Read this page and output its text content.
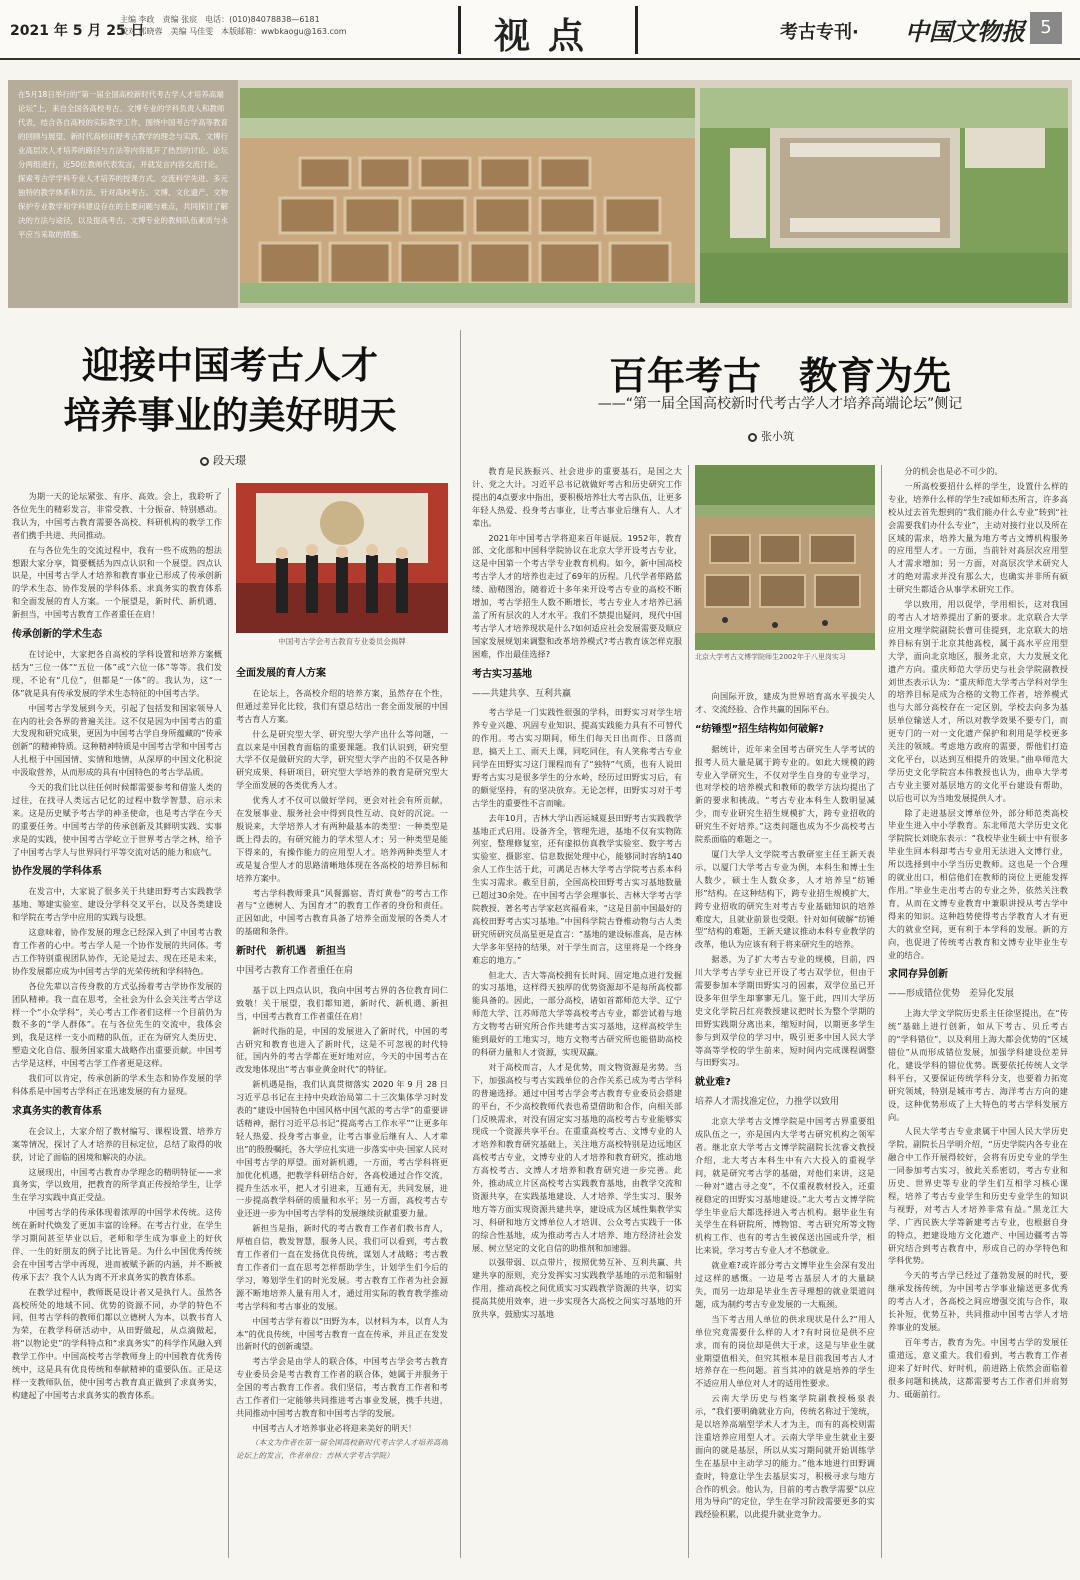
2021 年 5 月 25 日
主编 李政　责编 张宸　电话：(010)84078838—6181
校对 郭晓蓉　美编 马佳雯　本版邮箱：wwbkaogu@163.com	视点	考古专刊· 中国文物报 5
在5月18日举行的“第一届全国高校新时代考古学人才培养高端论坛”上，来自全国各高校考古、文博专业的学科负责人和教师代表，结合各自高校的实际教学工作，围绕中国考古学高等教育的回顾与展望、新时代高校田野考古教学的理念与实践、文博行业高层次人才培养的路径与方法等内容展开了热烈的讨论。论坛分两组进行，近50位教师代表发言，并就发言内容交流讨论。探索考古学学科专业人才培养的授课方式、交流科学先进、多元独特的教学体系和方法、针对高校考古、文博、文化遗产、文物保护专业教学和学科建设存在的主要问题与难点，共同探讨了解决的方法与途径，以及提高考古、文博专业的教师队伍素质与水平应当采取的措施。
迎接中国考古人才
培养事业的美好明天
段天璟
百年考古　教育为先
——“第一届全国高校新时代考古学人才培养高端论坛”侧记
张小筑

为期一天的论坛紧张、有序、高效。会上，我聆听了各位先生的精彩发言，非常受教、十分振奋、特别感动。我认为，中国考古教育需要各高校、科研机构的教学工作者们携手共进、共同推动。

在与各位先生的交流过程中，我有一些不成熟的想法想跟大家分享，简要概括为四点认识和一个展望。四点认识是，中国考古学人才培养和教育事业已形成了传承创新的学术生态、协作发展的学科体系、求真务实的教育体系和全面发展的育人方案。一个展望是，新时代、新机遇、新担当，中国考古教育工作者重任在肩！

传承创新的学术生态

在讨论中，大家把各自高校的学科设置和培养方案概括为“三位一体”“五位一体”或“六位一体”等等。我们发现，不论有“几位”，但都是“一体”的。我认为，这“一体”就是具有传承发展的学术生态特征的中国考古学。

中国考古学发展到今天，引起了包括发和国家领导人在内的社会各界的普遍关注。这不仅是因为中国考古的重大发现和研究成果，更因为中国考古学自身所蕴藏的“传承创新”的精神特质。这种精神特质是中国考古学和中国考古人扎根于中国国情、实情和地情，从深厚的中国文化积淀中汲取营养，从而形成的具有中国特色的考古学品质。

今天的我们比以往任何时候都需要参考和借鉴人类的过往，在找寻人类远古记忆的过程中数学智慧、启示未来。这是历史赋予考古学的神圣使命，也是考古学在今天的重要任务。中国考古学的传承创新及其鲜明实践、实事求是的实践，使中国考古学屹立于世界考古学之林，给予了中国考古学人与世界同行平等交流对话的能力和底气。

协作发展的学科体系

在发言中，大家说了很多关于共建田野考古实践教学基地、筹建实验室、建设分学科交叉平台，以及各类建设和学院在考古学中应用的实践与设想。

这意味着，协作发展的理念已经深入到了中国考古教育工作者的心中。考古学人是一个协作发展的共同体。考古工作特别重视团队协作，无论是过去、现在还是未来，协作发展都应成为中国考古学的光荣传统和学科特色。

各位先辈以言传身教的方式弘扬着考古学协作发展的团队精神。我一直在思考，全社会为什么会关注考古学这样一个“小众学科”，关心考古工作者们这样一个目前仍为数不多的“学人群体”。在与各位先生的交流中，我体会到，我是这样一支小而精的队伍，正在为研究人类历史、塑造文化自信、服务国家重大战略作出重要贡献。中国考古学是这样，中国考古学工作者更是这样。

我们可以肯定，传承创新的学术生态和协作发展的学科体系是中国考古学科正在迅速发展的有力显现。

求真务实的教育体系

在会议上，大家介绍了教材编写、课程设置、培养方案等情况，探讨了人才培养的目标定位，总结了取得的收获，讨论了面临的困境和解决的办法。

这展现出，中国考古教育办学理念的精明特征——求真务实，学以致用，把教育的所学真正传授给学生，让学生在学习实践中真正受益。

中国考古学的传承体现着浓厚的中国学术传统。这传统在新时代焕发了更加丰富的诠释。在考古行业，在学生学习期间甚至毕业以后，老师和学生成为事业上的好伙伴、一生的好朋友的例子比比皆是。为什么中国优秀传统会在中国考古学中再现，进而被赋予新的内涵，并不断被传承下去？我个人认为离不开求真务实的教育体系。

在教学过程中，教师既是设计者又是执行人。虽然各高校所处的地域不同、优势的资源不同，办学的特色不同，但考古学科的教师们都以立德树人为本，以教书育人为荣，在教学科研活动中，从田野做起，从点滴做起，将“以物论史”的学科特点和“求真务实”的科学作风融入到教学工作中。中国高校考古学教师身上的中国教育优秀传统中，这是具有优良传统和奉献精神的重要队伍。正是这样一支教师队伍，使中国考古教育真正做到了求真务实，构建起了中国考古求真务实的教育体系。

中国考古学会考古教育专业委员会揭牌
全面发展的育人方案

在论坛上，各高校介绍的培养方案，虽然存在个性，但通过差异化比较，我们有望总结出一套全面发展的中国考古育人方案。

什么是研究型大学、研究型大学产出什么等问题，一直以来是中国教育面临的重要课题。我们认识到，研究型大学不仅是做研究的大学，研究型大学产出的不仅是各种研究成果、科研项目，研究型大学培养的教育是研究型大学全面发展的各类优秀人才。

优秀人才不仅可以做好学问，更会对社会有所贡献，在发展事业、服务社会中得到良性互动、良好的沉淀。一般说来，大学培养人才有两种最基本的类型：一种类型是既上得去的，有研究能力的学术型人才；另一种类型是能下得来的，有操作能力的应用型人才。培养两种类型人才或是复合型人才的思路清晰地体现在各高校的培养目标和培养方案中。

考古学科教师秉具“风餐露宿、青灯黄卷”的考古工作者与“立德树人、为国育才”的教育工作者的身份和责任。正因如此，中国考古教育具备了培养全面发展的各类人才的基础和条件。

新时代　新机遇　新担当
中国考古教育工作者重任在肩

基于以上四点认识，我向中国考古界的各位教育同仁致敬！关于展望，我们都知道，新时代、新机遇、新担当，中国考古教育工作者重任在肩！

新时代指的是，中国的发展进入了新时代，中国的考古研究和教育也进入了新时代，这是不可忽视的时代特征，国内外的考古学都在更好地对应，今天的中国考古在改发地体现出“考古事业黄金时代”的特征。

新机遇是指，我们认真贯彻落实 2020 年 9 月 28 日习近平总书记在主持中央政治局第二十三次集体学习时发表的“建设中国特色中国风格中国气派的考古学”的重要讲话精神，据行习近平总书记“提高考古工作水平”“让更多年轻人热爱、投身考古事业，让考古事业后继有人、人才辈出”的殷殷嘱托，各大学应扎实进一步落实中央·国家人民对中国考古学的厚望。面对新机遇，一方面，考古学科将更加优化机遇，把教学科研结合好，各高校通过合作交流，提升生活水平，把人才引进来，互通有无，共同发展，进一步提高教学科研的质量和水平；另一方面，高校考古专业还进一步为中国考古学科的发展继续贡献重要力量。

新担当是指，新时代的考古教育工作者们教书育人，厚植自信，教发智慧，服务人民，我们可以看到，考古教育工作者们一直在发扬优良传统，谋划人才战略；考古教育工作者们一直在思考怎样帮助学生，计划学生们今后的学习，筹划学生们的时光发展。考古教育工作者为社会源源不断地培养人量有用人才，通过用实际的教育教学推动考古学科和考古事业的发展。

中国考古学有着以“田野为本，以材料为本，以育人为本”的优良传统，中国考古教育一直在传承，并且正在发发出新时代的创新魂望。

考古学会是由学人的联合体，中国考古学会考古教育专业委员会是考古教育工作者的联合体，她属于并服务于全国的考古教育工作者。我们坚信，考古教育工作者和考古工作者们一定能够共同推进考古事业发展，携手共进，共同推动中国考古教育和中国考古学的发展。

中国考古人才培养事业必将迎来美好的明天！

（本文为作者在第一届全国高校新时代考古学人才培养高端论坛上的发言，作者单位：吉林大学考古学院）

教育是民族振兴、社会进步的重要基石，是国之大计、党之大计。习近平总书记就做好考古和历史研究工作提出的4点要求中指出，要积极培养壮大考古队伍，让更多年轻人热爱、投身考古事业，让考古事业后继有人、人才辈出。

2021年中国考古学将迎来百年诞辰。1952年，教育部、文化部和中国科学院协议在北京大学开设考古专业，这是中国第一个考古学专业教育机构。如今，新中国高校考古学人才的培养也走过了69年的历程。几代学者筚路蓝缕、励精图治，随着近十多年来开设考古专业的高校不断增加，考古学招生人数不断增长，考古专业人才培养已涵盖了所有层次的人才水平。我们不禁提出疑问，现代中国考古学人才培养现状是什么?如何适应社会发展需要及顺应国家发展规划来调整和改革培养模式?考古教育该怎样克服困难，作出最佳选择?

考古实习基地
——共建共享、互利共赢

考古学是一门实践性很强的学科，田野实习对学生培养专业兴趣、巩固专业知识、提高实践能力具有不可替代的作用。考古实习期间，师生们每天日出而作、日落而息，搞天上工、雨天上课，同吃同住，有人笑称考古专业同学在田野实习这门课程而有了“独特”气质，也有人说田野考古实习是很多学生的分水岭，经历过田野实习后，有的颇觉坚持，有的坚决放弃。无论怎样，田野实习对于考古学生的重要性不言而喻。

去年10月，吉林大学山西运城夏县田野考古实践教学基地正式启用。设备齐全，管理先进，基地不仅有实物陈列室、整理修复室，还有虚拟仿真教学实验室、数字考古实验室、摄影室、信息数据处理中心，能够同时容纳140余人工作生活于此，可满足吉林大学考古学院考古系本科生实习需求。截至目前，全国高校田野考古实习基地数量已超过30余处。在中国考古学会理事长、吉林大学考古学院教授、著名考古学家赵宾福看来，“这是目前中国最好的高校田野考古实习基地。”中国科学院古脊椎动物与古人类研究所研究员高星更是直言：“基地的建设标准高，是吉林大学多年坚持的结果，对于学生而言，这里将是一个终身难忘的地方。”

但北大、吉大等高校拥有长时间、固定地点进行发掘的实习基地，这样得天独厚的优势资源却不是每所高校都能具备的。因此，一部分高校，诸如首都师范大学、辽宁师范大学、江苏师范大学等高校考古专业，都尝试着与地方文物考古研究所合作共建考古实习基地，这样高校学生能到最好的工地实习，地方文物考古研究所也能借助高校的科研力量和人才资源，实现双赢。

对于高校而言，人才是优势，而文物资源是劣势。当下，加强高校与考古实践单位的合作关系已成为考古学科的普遍选择。通过中国考古学会考古教育专业委员会搭建的平台，不少高校教师代表也希望借助和合作，向相关部门反映需求，对没有固定实习基地的高校考古专业能够实现成一个资源共享平台。在重重高校考古、文博专业的人才培养和教育研究基础上，关注地方高校特别是边远地区高校考古专业，文博专业的人才培养和教育研究，推动地方高校考古、文博人才培养和教育研究进一步完善。此外，推动成立片区高校考古实践教育基地，由教学交流和资源共享，在实践基地建设、人才培养、学生实习、服务地方等方面实现资源共建共享，建设成为区域性集教学实习、科研和地方文博单位人才培训、公众考古实践于一体的综合性基地，成为推动考古人才培养、地方经济社会发展、树立坚定的文化自信的助推剂和加速器。

以强带弱、以点带片，按照优势互补、互利共赢、共建共享的原则，充分发挥实习实践教学基地的示范和辐射作用，推动高校之间优质实习实践教学资源的共享，切实提高其使用效率，进一步实现各大高校之间实习基地的开放共享，鼓励实习基地

北京大学考古文博学院师生2002年于八里岗实习

向国际开放，建成为世界培育高水平拔尖人才、交流经验、合作共赢的国际平台。

“纺锤型”招生结构如何破解?

据统计，近年来全国考古研究生人学考试的报考人员大量是属于跨专业的。如此大规模的跨专业入学研究生，不仅对学生自身的专业学习，也对学校的培养模式和教师的教学方法均提出了新的要求和挑战。“考古专业本科生人数明显减少，而专业研究生招生规模扩大，跨专业招收的研究生不好培养。”这类问题也成为不少高校考古院系面临的难题之一。

厦门大学人文学院考古教研室主任王新天表示，以厦门大学考古专业为例，本科生和博士生人数少，硕士生人数众多，人才培养呈“纺锤形”结构。在这种结构下，跨专业招生规模扩大，跨专业招收的研究生对考古专业基础知识的培养难度大，且就业前景也受限。针对如何破解“纺锤型”结构的难题，王新天建议推动本科专业教学的改革，他认为应该有利于将来研究生的培养。

据悉，为了扩大考古专业的规模，目前，四川大学考古学专业已开设了考古双学位，但由于需要参加本学期田野实习的因素，双学位虽已开设多年但学生却寥寥无几。鉴于此，四川大学历史文化学院吕红亮教授建议把时长为整个学期的田野实践期分离出来，缩短时间，以期更多学生参与到双学位的学习中，吸引更多中国人民大学等高等学校的学生前来，短时间内完成课程调整与田野实习。

就业难?
培养人才需找准定位，力推学以致用

北京大学考古文博学院是中国考古界重要组成队伍之一，亦是国内大学考古研究机构之领军者。继北京大学考古文博学院副院长沈睿文教授介绍，北大考古本科生中有六大投入的重视学问，就是研究考古学的基础，对他们来讲，这是一种对“遗古寻之变”，不仅重视教材投入，还重视稳定的田野实习基地建设。”北大考古文博学院学生毕业后大都选择进入考古机构。据毕业生有关学生在科研院所、博物馆、考古研究所等文物机构工作、也有的考古生被保送出国或升学，相比来说，学习考古专业人才不愁就业。

就业难?或许部分考古文博毕业生会深有发出过这样的感慨。一边是考古基层人才的大量缺失，而另一边却是毕业生苦寻理想的就业渠道问题，成为制约考古专业发展的一大瓶颈。

当下考古用人单位的供求现状是什么?“用人单位究竟需要什么样的人才?有时岗位是供不应求，而有的岗位却是供大于求，这是与毕业生就业期望值相关，但究其根本是目前我国考古人才培养存在一些问题。首当其冲的就是培养的学生不适应用人单位对人才的适用性要求。

云南大学历史与档案学院副教授杨泉表示，“我们要明确就业方向，传统名称过于笼统，是以培养高端型学术人才为主，而有的高校则需注重培养应用型人才。云南大学毕业生就业主要面向的就是基层，所以从实习期间就开始训练学生在基层中主动学习的能力。”他本地进行田野调查时，特意让学生去基层实习，积极寻求与地方合作的机会。他认为，目前的考古教学需要“以应用为导向”的定位，学生在学习阶段需要更多的实践经验积累，以此提升就业竞争力。

分的机会也是必不可少的。

一所高校要招什么样的学生，设置什么样的专业，培养什么样的学生?或如师杰所言，许多高校从过去首先想到的“我们能办什么专业”转到“社会需要我们办什么专业”，主动对接行业以及所在区域的需求，培养大量为地方考古文博机构服务的应用型人才。一方面，当前针对高层次应用型人才需求增加；另一方面，对高层次学术研究人才的绝对需求并没有那么大，也确实并非所有硕士研究生都适合从事学术研究工作。

学以致用，用以促学，学用相长，这对我国的考古人才培养提出了新的要求。北京联合大学应用文理学院副院长曹可佳提到，北京联大的培养目标有别于北京其他高校，属于高水平应用型大学，面向北京地区，服务北京，大力发展文化遗产方向。重庆师范大学历史与社会学院副教授刘世杰表示认为：“重庆师范大学考古学科对学生的培养目标是成为合格的文物工作者，培养模式也与大部分高校存在一定区别，学校去向多为基层单位输送人才，所以对教学效果不要专门，而更专门的一对一文化遗产保护和利用是学校更多关注的领域。考虑地方政府的需要，帮他们打造文化平台，以达到互相提升的效果。”曲阜师范大学历史文化学院宫本伟教授也认为，曲阜大学考古专业主要对基层地方的文化平台建设有帮助，以后也可以为当地发展提供人才。

除了走进基层文博单位外，部分师范类高校毕业生进入中小学教育。东北师范大学历史文化学院院长刘晓东表示：“我校毕业生硕士中有很多毕业生回本科却考古专业用无法进入文博行业，所以选择到中小学当历史教师。这也是一个合理的就业出口，相信他们在教师的岗位上更能发挥作用。”毕业生走出考古的专业之外，依然关注教育，从而在文博专业教育中兼职讲授从考古学中得来的知识。这种趋势使得考古学教育人才有更大的就业空间，更有利于本学科的发展。新的方向，也促进了传统考古教育和文博专业毕业生专业的结合。

求同存异创新
——形成错位优势　差异化发展

上海大学文学院历史系主任徐坚提出，在“传统”基础上进行创新，如从下考古、贝丘考古的“学科错位”，以及利用上海大都会优势的“区域错位”从而形成错位发展，加强学科建设位差异化，建设学科的错位优势。既要依托传统人文学科平台，又要保证传统学科分支，也要着力拓宽研究领域，特别是城市考古、海洋考古方向的建设，这种优势形成了上大特色的考古学科发展方向。

人民大学考古专业隶属于中国人民大学历史学院，副院长吕学明介绍，“历史学院内各专业在融合中工作开展得较好，会将有历史专业的学生一同参加考古实习，彼此关系密切，考古专业和历史、世界史等专业的学生们互相学习核心课程，培养了考古专业学生和历史专业学生的知识与视野，对考古人才培养非常有益。”黑龙江大学、广西民族大学等新建考古专业，也根据自身的特点，把建设地方文化遗产、中国边疆考古等研究结合到考古教育中，形成自己的办学特色和学科优势。

今天的考古学已经过了蓬勃发展的时代，要继承发扬传统，为中国考古学事业输送更多优秀的考古人才，各高校之间应增强交流与合作，取长补短，优势互补，共同推动中国考古学人才培养事业的发展。

百年考古，教育为先。中国考古学的发展任重道远，意义重大。我们看到，考古教育工作者迎来了好时代、好时机，前进路上依然会面临着很多问题和挑战，这都需要考古工作者们并肩努力、砥砺前行。
